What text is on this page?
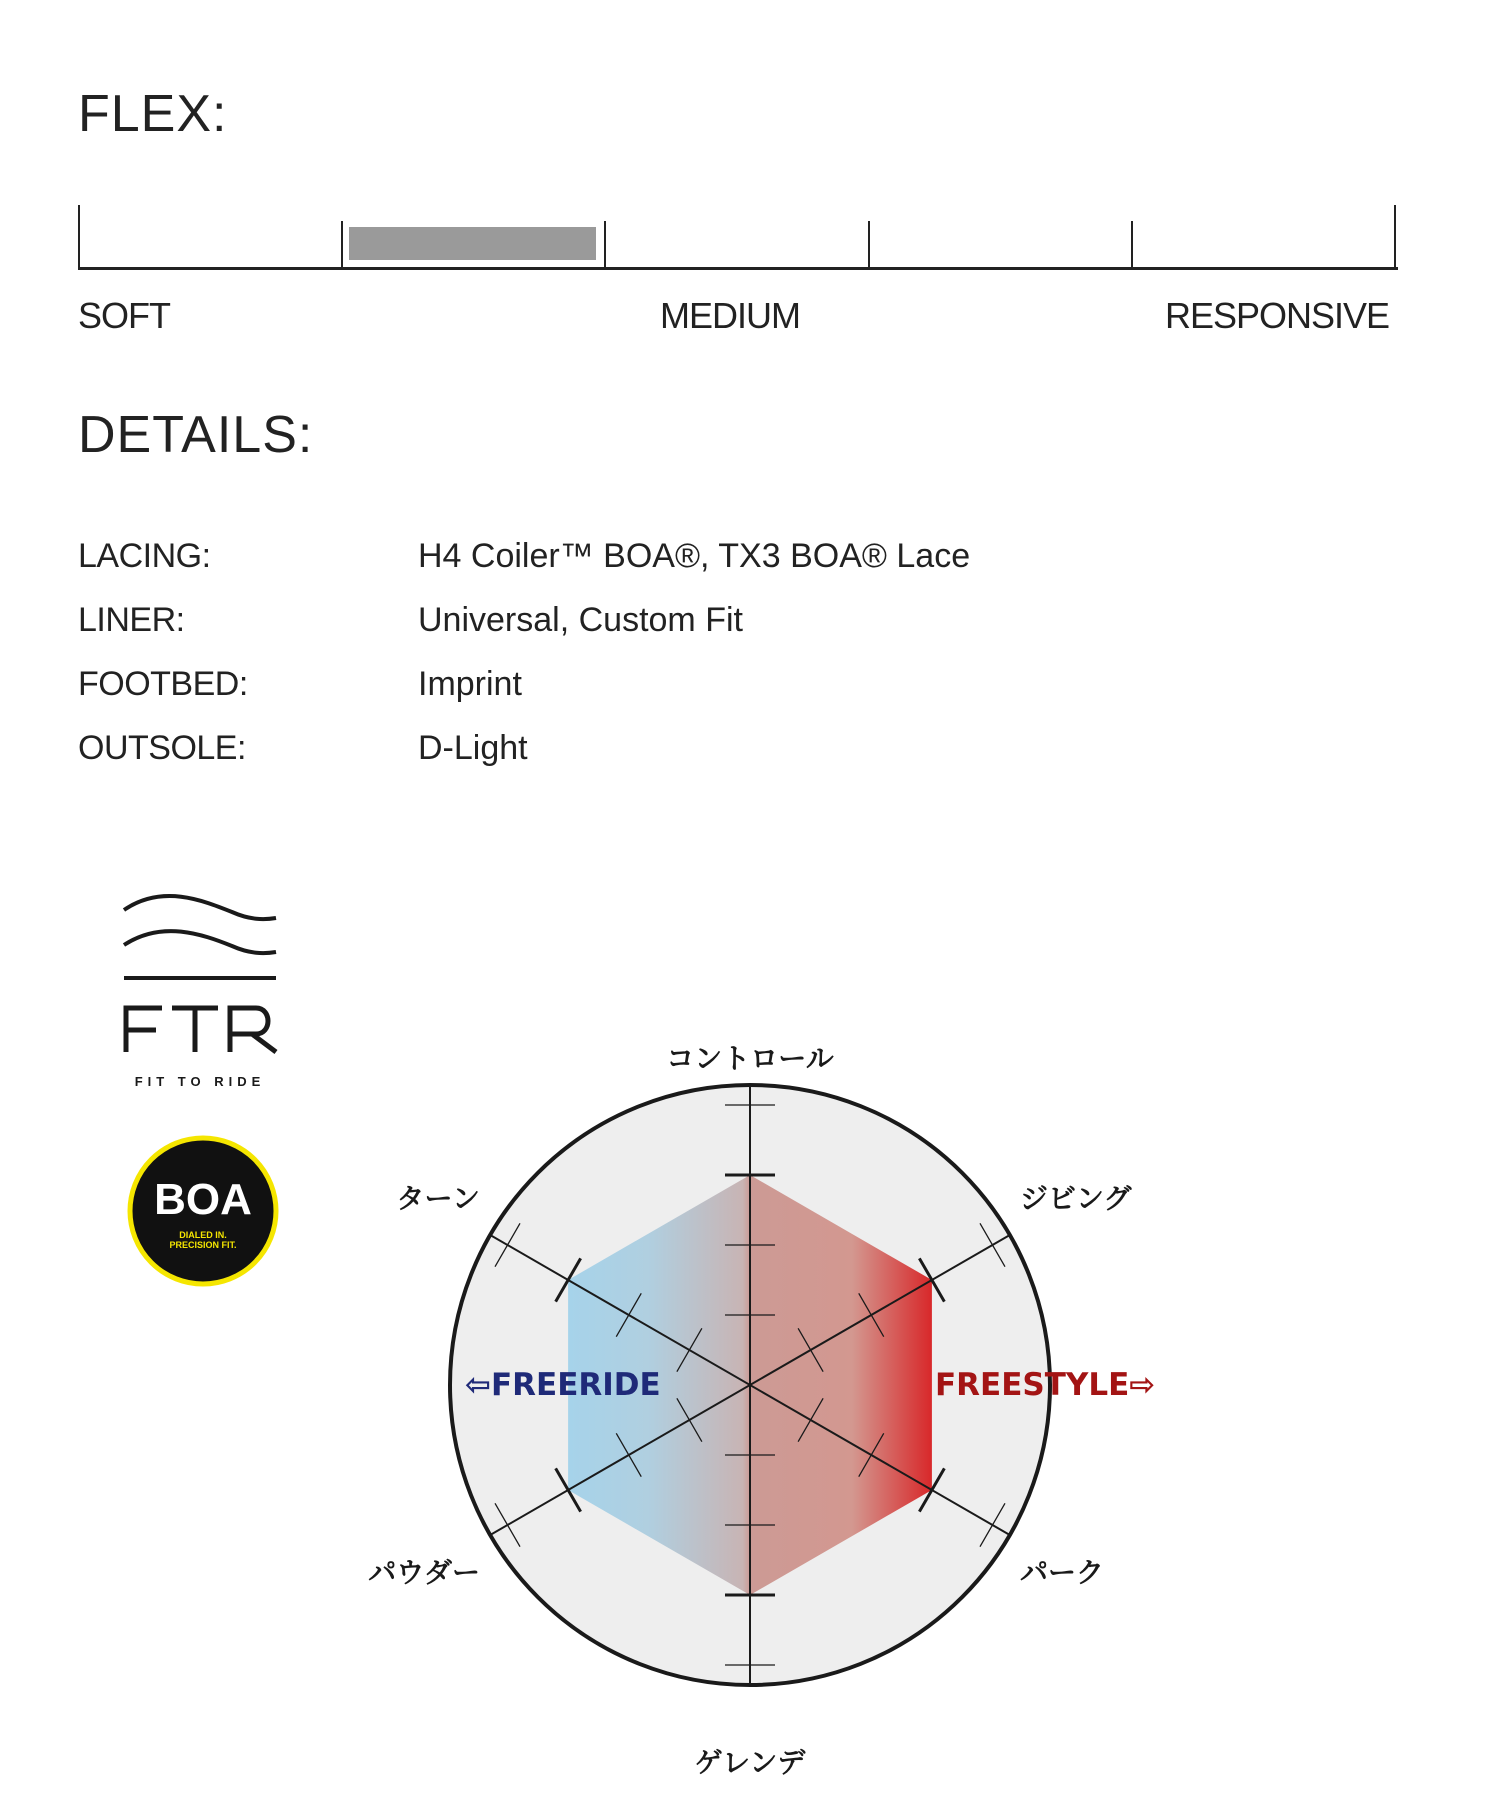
FLEX:
SOFT	MEDIUM	RESPONSIVE
DETAILS:
LACING:	H4 Coiler™ BOA®, TX3 BOA® Lace
LINER:	Universal, Custom Fit
FOOTBED:	Imprint
OUTSOLE:	D-Light
FIT TO RIDE
BOA
DIALED IN.
PRECISION FIT.
コントロール
ジビング
パーク
ゲレンデ
パウダー
ターン
⇦FREERIDE	FREESTYLE⇨
